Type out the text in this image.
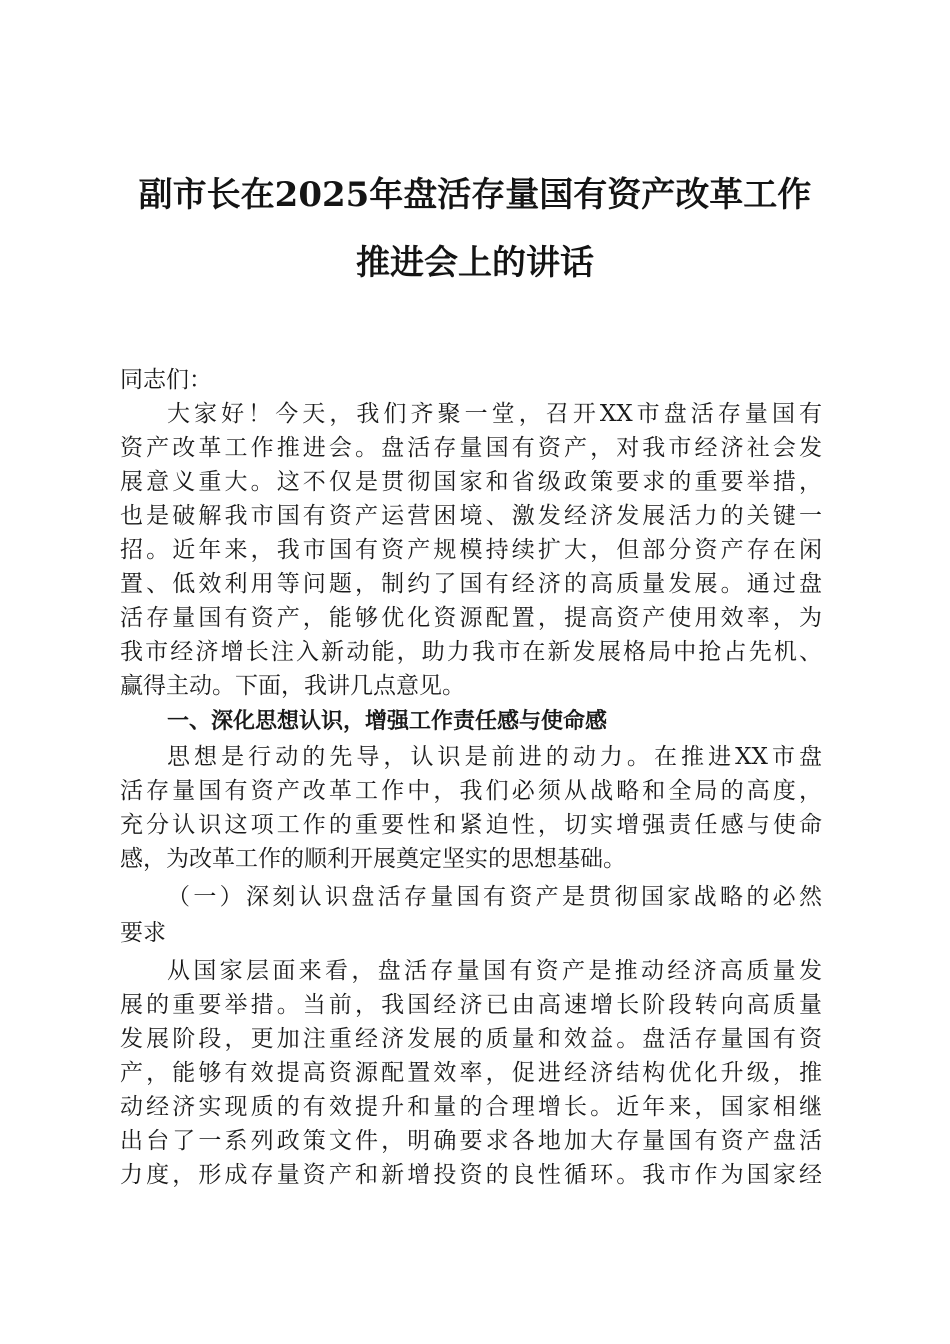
副市长在2025年盘活存量国有资产改革工作
推进会上的讲话
同志们：
大家好！今天，我们齐聚一堂，召开XX市盘活存量国有
资产改革工作推进会。盘活存量国有资产，对我市经济社会发
展意义重大。这不仅是贯彻国家和省级政策要求的重要举措，
也是破解我市国有资产运营困境、激发经济发展活力的关键一
招。近年来，我市国有资产规模持续扩大，但部分资产存在闲
置、低效利用等问题，制约了国有经济的高质量发展。通过盘
活存量国有资产，能够优化资源配置，提高资产使用效率，为
我市经济增长注入新动能，助力我市在新发展格局中抢占先机、
赢得主动。下面，我讲几点意见。
一、深化思想认识，增强工作责任感与使命感
思想是行动的先导，认识是前进的动力。在推进XX市盘
活存量国有资产改革工作中，我们必须从战略和全局的高度，
充分认识这项工作的重要性和紧迫性，切实增强责任感与使命
感，为改革工作的顺利开展奠定坚实的思想基础。
（一）深刻认识盘活存量国有资产是贯彻国家战略的必然
要求
从国家层面来看，盘活存量国有资产是推动经济高质量发
展的重要举措。当前，我国经济已由高速增长阶段转向高质量
发展阶段，更加注重经济发展的质量和效益。盘活存量国有资
产，能够有效提高资源配置效率，促进经济结构优化升级，推
动经济实现质的有效提升和量的合理增长。近年来，国家相继
出台了一系列政策文件，明确要求各地加大存量国有资产盘活
力度，形成存量资产和新增投资的良性循环。我市作为国家经
